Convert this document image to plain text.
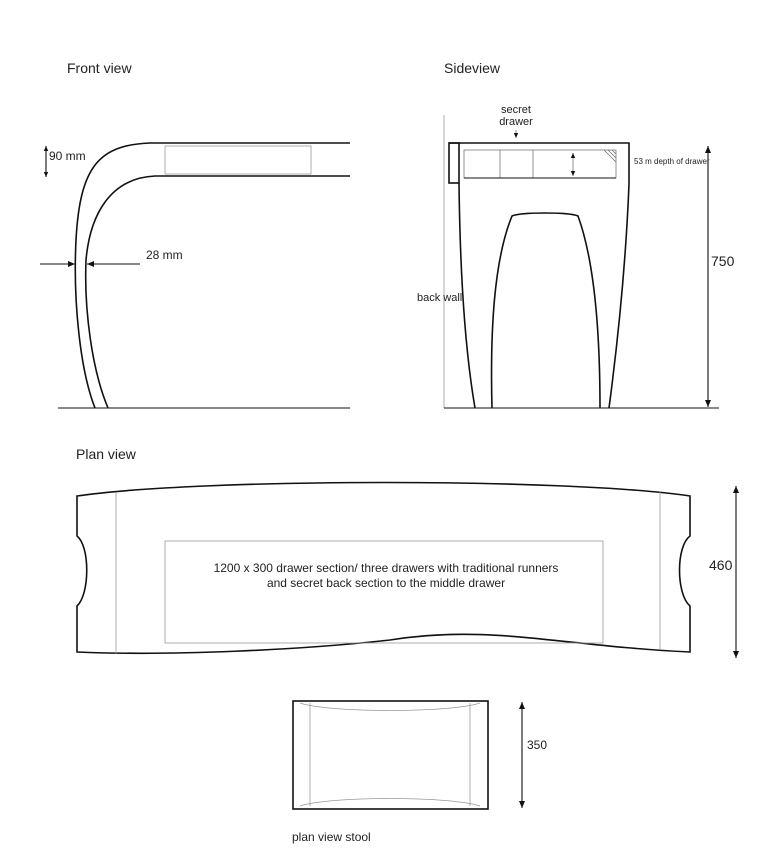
Front view
90 mm
28 mm
Sideview
secret
drawer
back wall
53 m depth of drawer
750
Plan view
1200 x 300 drawer section/ three drawers with traditional runners
and secret back section to the middle drawer
460
350
plan view stool
